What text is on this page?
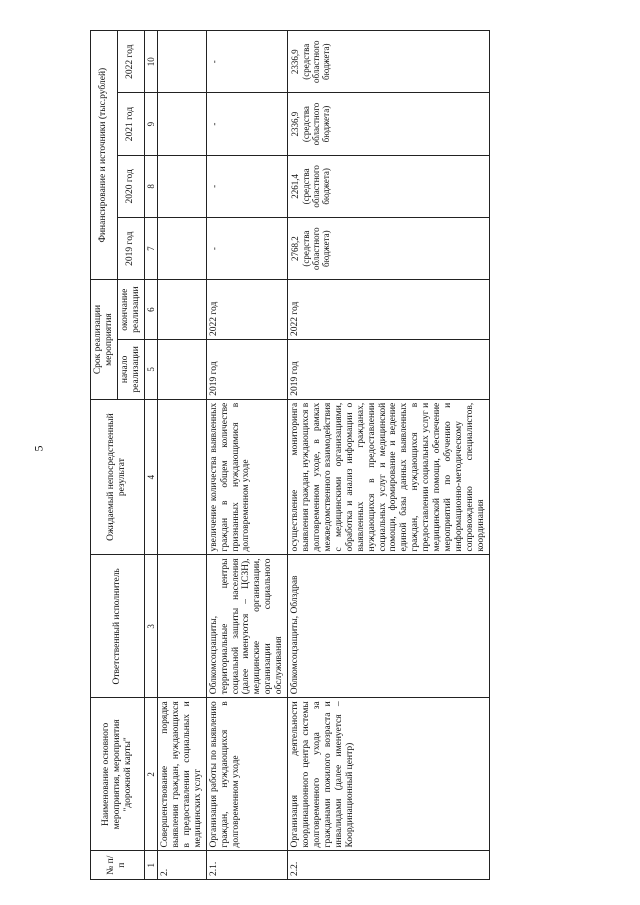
5
№ п/п	Наименование основного мероприятия, мероприятия "дорожной карты"	Ответственный исполнитель	Ожидаемый непосредственный результат	Срок реализации мероприятия		Финансирование и источники (тыс.рублей)			
				начало реализации	окончание реализации	2019 год	2020 год	2021 год	2022 год
1	2	3	4	5	6	7	8	9	10
2.	Совершенствование порядка выявления граждан, нуждающихся в предоставлении социальных и медицинских услуг								
2.1.	Организация работы по выявлению граждан, нуждающихся в долговременном уходе	Облкомсоцзащиты, территориальные центры социальной защиты населения (далее именуются – ЦСЗН), медицинские организации, организации социального обслуживания	увеличение количества выявленных граждан в общем количестве признанных нуждающимися в долговременном уходе	2019 год	2022 год	-	-	-	-
2.2.	Организация деятельности координационного центра системы долговременного ухода за гражданами пожилого возраста и инвалидами (далее именуется – Координационный центр)	Облкомсоцзащиты, Облздрав	осуществление мониторинга выявления граждан, нуждающихся в долговременном уходе, в рамках межведомственного взаимодействия с медицинскими организациями, обработка и анализ информации о выявленных гражданах, нуждающихся в предоставлении социальных услуг и медицинской помощи, формирование и ведение единой базы данных выявленных граждан, нуждающихся в предоставлении социальных услуг и медицинской помощи, обеспечение мероприятий по обучению и информационно-методическому сопровождению специалистов, координация	2019 год	2022 год	2768,2 (средства областного бюджета)	2261,4 (средства областного бюджета)	2336,9 (средства областного бюджета)	2336,9 (средства областного бюджета)
